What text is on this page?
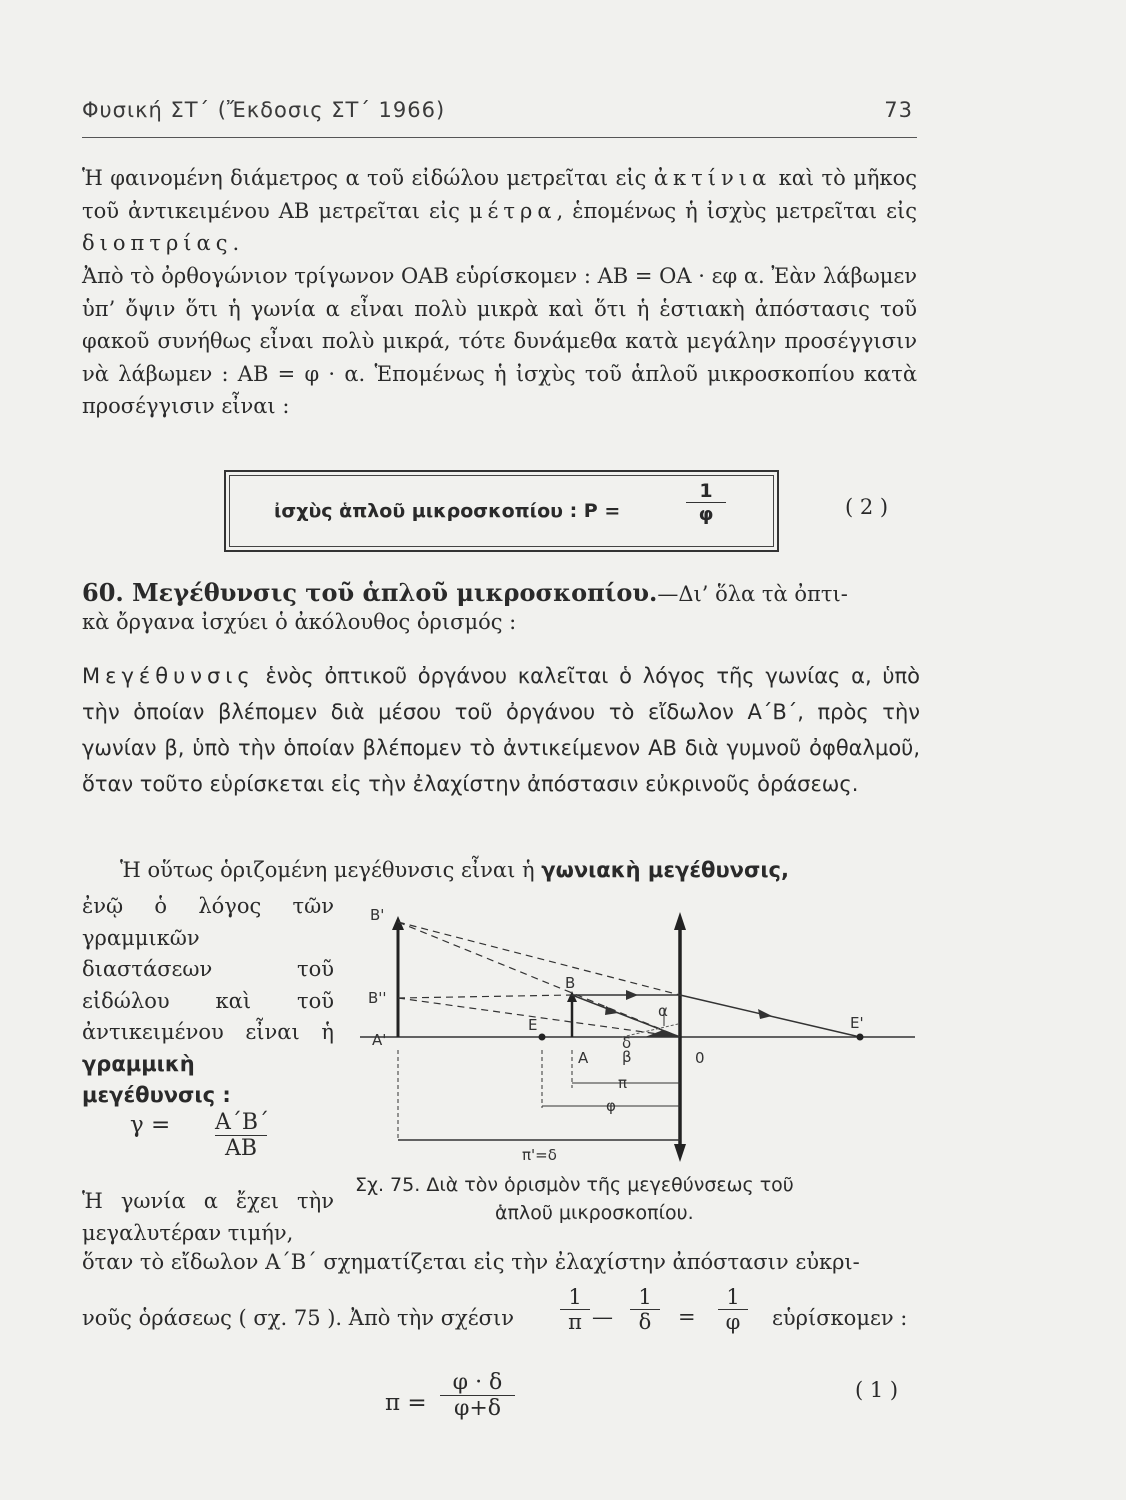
Φυσική ΣΤ΄ (Ἔκδοσις ΣΤ΄ 1966)	73
Ἡ φαινομένη διάμετρος α τοῦ εἰδώλου μετρεῖται εἰς ἀκτίνια καὶ τὸ μῆκος τοῦ ἀντικειμένου ΑΒ μετρεῖται εἰς μέτρα, ἑπομένως ἡ ἰσχὺς μετρεῖται εἰς διοπτρίας.
Ἀπὸ τὸ ὀρθογώνιον τρίγωνον ΟΑΒ εὑρίσκομεν : ΑΒ = ΟΑ · εφ α. Ἐὰν λάβωμεν ὑπ’ ὄψιν ὅτι ἡ γωνία α εἶναι πολὺ μικρὰ καὶ ὅτι ἡ ἑστιακὴ ἀπόστασις τοῦ φακοῦ συνήθως εἶναι πολὺ μικρά, τότε δυνάμεθα κατὰ μεγάλην προσέγγισιν νὰ λάβωμεν : ΑΒ = φ · α. Ἑπομένως ἡ ἰσχὺς τοῦ ἁπλοῦ μικροσκοπίου κατὰ προσέγγισιν εἶναι :
ἰσχὺς ἁπλοῦ μικροσκοπίου : P =	$\frac{1}{\varphi}$	( 2 )
60. Μεγέθυνσις τοῦ ἁπλοῦ μικροσκοπίου.—Δι’ ὅλα τὰ ὀπτι-
κὰ ὄργανα ἰσχύει ὁ ἀκόλουθος ὁρισμός :
Μεγέθυνσις ἑνὸς ὀπτικοῦ ὀργάνου καλεῖται ὁ λόγος τῆς γωνίας α, ὑπὸ τὴν ὁποίαν βλέπομεν διὰ μέσου τοῦ ὀργάνου τὸ εἴδωλον Α΄Β΄, πρὸς τὴν γωνίαν β, ὑπὸ τὴν ὁποίαν βλέπομεν τὸ ἀντικείμενον ΑΒ διὰ γυμνοῦ ὀφθαλμοῦ, ὅταν τοῦτο εὑρίσκεται εἰς τὴν ἐλαχίστην ἀπόστασιν εὐκρινοῦς ὁράσεως.
Ἡ οὕτως ὁριζομένη μεγέθυνσις εἶναι ἡ γωνιακὴ μεγέθυνσις,
ἐνῷ ὁ λόγος τῶν γραμμικῶν διαστάσεων τοῦ εἰδώλου καὶ τοῦ ἀντικειμένου εἶναι ἡ γραμμικὴ μεγέθυνσις :
$\gamma = \frac{A΄B΄}{AB}$
Ἡ γωνία α ἔχει τὴν μεγαλυτέραν τιμήν,
B'
B''
A'
B
E
A
E'
0
α
β
δ
π
φ
π'=δ
Σχ. 75. Διὰ τὸν ὁρισμὸν τῆς μεγεθύνσεως τοῦ
ἁπλοῦ μικροσκοπίου.
ὅταν τὸ εἴδωλον Α΄Β΄ σχηματίζεται εἰς τὴν ἐλαχίστην ἀπόστασιν εὐκρι-
νοῦς ὁράσεως ( σχ. 75 ). Ἀπὸ τὴν σχέσιν $\frac{1}{\pi}$ — $\frac{1}{\delta} = \frac{1}{\varphi}$ εὑρίσκομεν :
$\pi = \frac{\varphi \cdot \delta}{\varphi+\delta}$	( 1 )
